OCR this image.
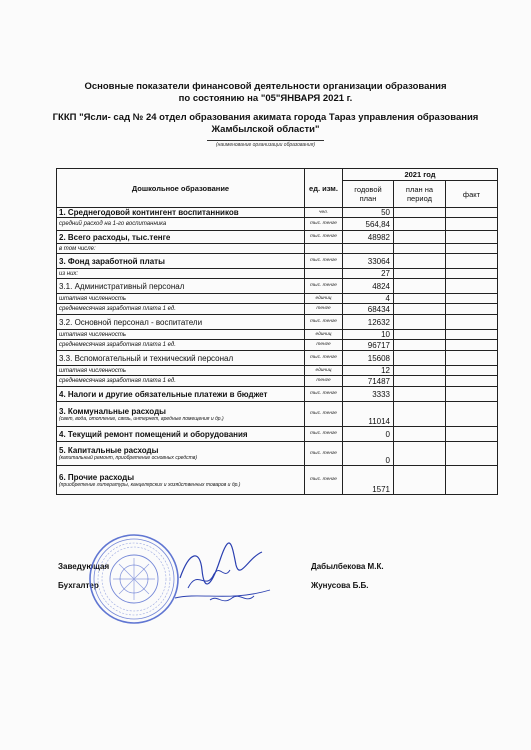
Основные показатели финансовой деятельности организации образования
по состоянию на "05"ЯНВАРЯ 2021 г.
ГККП "Ясли- сад № 24 отдел образования акимата города Тараз управления образования
Жамбылской области"
(наименование организации образования)
Дошкольное образование	ед. изм.	2021 год		
		годовой план	план на период	факт
1. Среднегодовой контингент воспитанников	чел.	50		
средний расход на 1-го воспитанника	тыс. тенге	564,84		
2. Всего расходы, тыс.тенге	тыс. тенге	48982		
в том числе:				
3. Фонд заработной платы	тыс. тенге	33064		
из них:		27		
3.1. Административный персонал	тыс. тенге	4824		
штатная численность	единиц	4		
среднемесячная заработная плата 1 ед.	тенге	68434		
3.2. Основной персонал - воспитатели	тыс. тенге	12632		
штатная численность	единиц	10		
среднемесячная заработная плата 1 ед.	тенге	96717		
3.3. Вспомогательный и технический персонал	тыс. тенге	15608		
штатная численность	единиц	12		
среднемесячная заработная плата 1 ед.	тенге	71487		
4. Налоги и другие обязательные платежи в бюджет	тыс. тенге	3333		
3. Коммунальные расходы
(свет, вода, отопление, связь, интернет, вредные помещения и др.)	тыс. тенге	11014		
4. Текущий ремонт помещений и оборудования	тыс. тенге	0		
5. Капитальные расходы
(капитальный ремонт, приобретение основных средств)	тыс. тенге	0		
6. Прочие расходы
(приобретение литературы, канцелярских и хозяйственных товаров и др.)	тыс. тенге	1571		
Заведующая	Дабылбекова М.К.
Бухгалтер	Жунусова Б.Б.
